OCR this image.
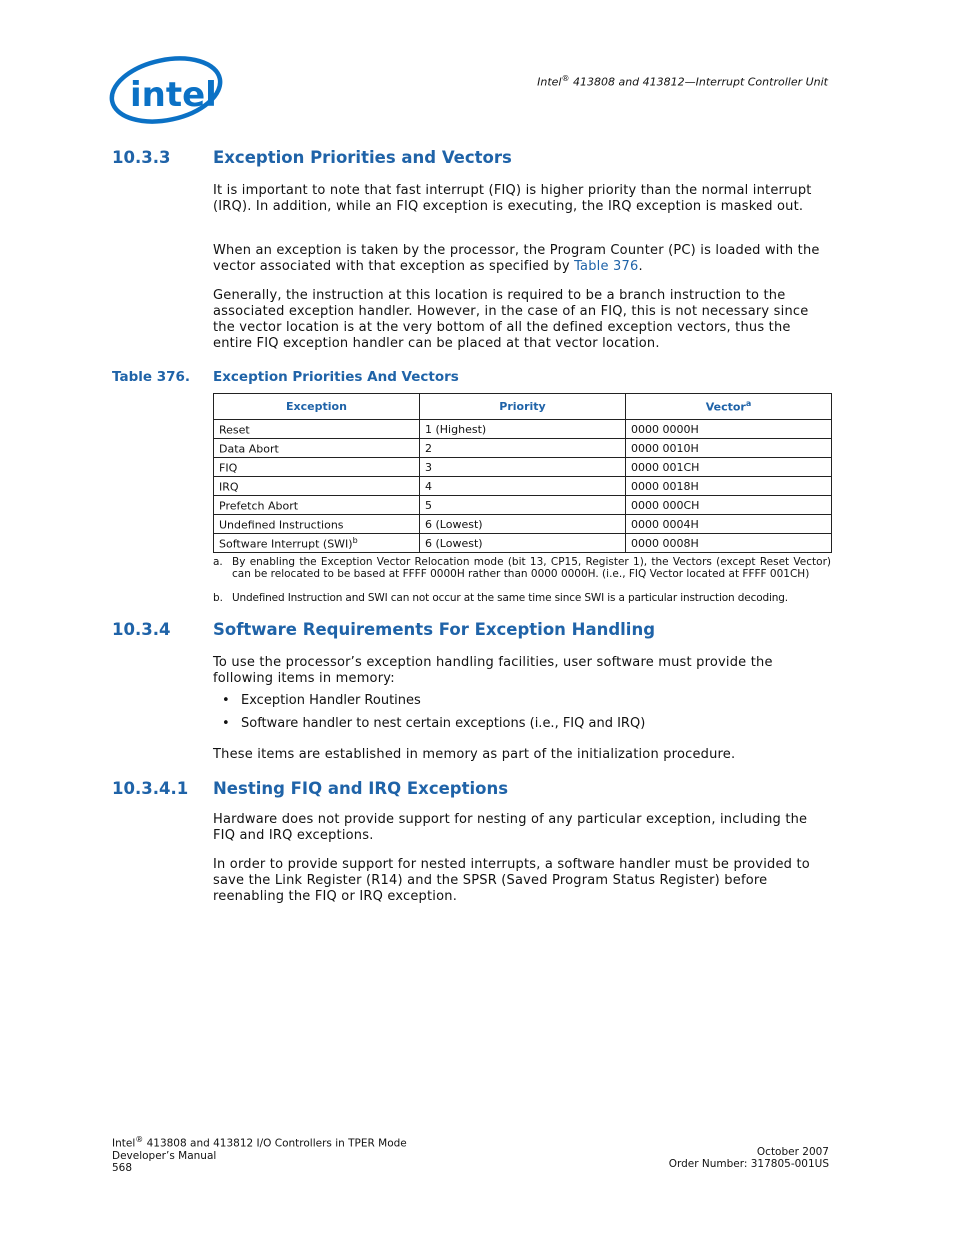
intel	Intel® 413808 and 413812—Interrupt Controller Unit
10.3.3	Exception Priorities and Vectors
It is important to note that fast interrupt (FIQ) is higher priority than the normal interrupt (IRQ). In addition, while an FIQ exception is executing, the IRQ exception is masked out.
When an exception is taken by the processor, the Program Counter (PC) is loaded with the vector associated with that exception as specified by Table 376.
Generally, the instruction at this location is required to be a branch instruction to the associated exception handler. However, in the case of an FIQ, this is not necessary since the vector location is at the very bottom of all the defined exception vectors, thus the entire FIQ exception handler can be placed at that vector location.
Table 376. Exception Priorities And Vectors
Exception	Priority	Vector$^a$
Reset	1 (Highest)	0000 0000H
Data Abort	2	0000 0010H
FIQ	3	0000 001CH
IRQ	4	0000 0018H
Prefetch Abort	5	0000 000CH
Undefined Instructions	6 (Lowest)	0000 0004H
Software Interrupt (SWI)$^b$	6 (Lowest)	0000 0008H
a. By enabling the Exception Vector Relocation mode (bit 13, CP15, Register 1), the Vectors (except Reset Vector) can be relocated to be based at FFFF 0000H rather than 0000 0000H. (i.e., FIQ Vector located at FFFF 001CH)
b. Undefined Instruction and SWI can not occur at the same time since SWI is a particular instruction decoding.
10.3.4	Software Requirements For Exception Handling
To use the processor’s exception handling facilities, user software must provide the following items in memory:
• Exception Handler Routines
• Software handler to nest certain exceptions (i.e., FIQ and IRQ)
These items are established in memory as part of the initialization procedure.
10.3.4.1 Nesting FIQ and IRQ Exceptions
Hardware does not provide support for nesting of any particular exception, including the FIQ and IRQ exceptions.
In order to provide support for nested interrupts, a software handler must be provided to save the Link Register (R14) and the SPSR (Saved Program Status Register) before reenabling the FIQ or IRQ exception.
Intel® 413808 and 413812 I/O Controllers in TPER Mode
Developer’s Manual
568
October 2007
Order Number: 317805-001US
